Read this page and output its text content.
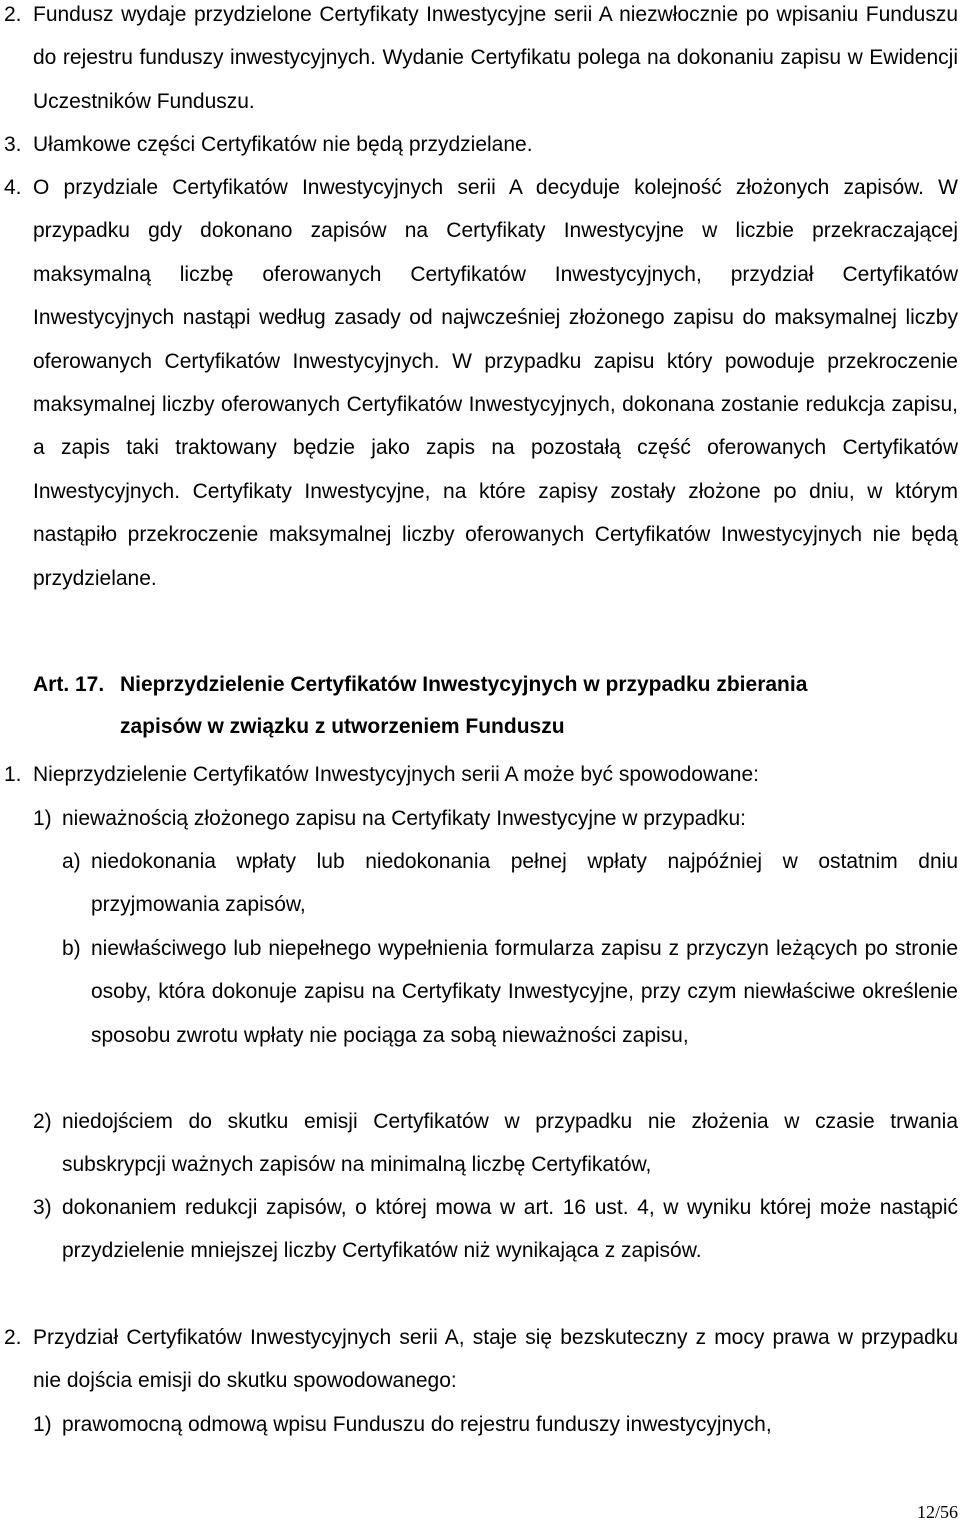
2. Fundusz wydaje przydzielone Certyfikaty Inwestycyjne serii A niezwłocznie po wpisaniu Funduszu do rejestru funduszy inwestycyjnych. Wydanie Certyfikatu polega na dokonaniu zapisu w Ewidencji Uczestników Funduszu.

3. Ułamkowe części Certyfikatów nie będą przydzielane.

4. O przydziale Certyfikatów Inwestycyjnych serii A decyduje kolejność złożonych zapisów. W przypadku gdy dokonano zapisów na Certyfikaty Inwestycyjne w liczbie przekraczającej maksymalną liczbę oferowanych Certyfikatów Inwestycyjnych, przydział Certyfikatów Inwestycyjnych nastąpi według zasady od najwcześniej złożonego zapisu do maksymalnej liczby oferowanych Certyfikatów Inwestycyjnych. W przypadku zapisu który powoduje przekroczenie maksymalnej liczby oferowanych Certyfikatów Inwestycyjnych, dokonana zostanie redukcja zapisu, a zapis taki traktowany będzie jako zapis na pozostałą część oferowanych Certyfikatów Inwestycyjnych. Certyfikaty Inwestycyjne, na które zapisy zostały złożone po dniu, w którym nastąpiło przekroczenie maksymalnej liczby oferowanych Certyfikatów Inwestycyjnych nie będą przydzielane.

Art. 17. Nieprzydzielenie Certyfikatów Inwestycyjnych w przypadku zbierania
zapisów w związku z utworzeniem Funduszu
1. Nieprzydzielenie Certyfikatów Inwestycyjnych serii A może być spowodowane:

1) nieważnością złożonego zapisu na Certyfikaty Inwestycyjne w przypadku:

a) niedokonania wpłaty lub niedokonania pełnej wpłaty najpóźniej w ostatnim dniu przyjmowania zapisów,

b) niewłaściwego lub niepełnego wypełnienia formularza zapisu z przyczyn leżących po stronie osoby, która dokonuje zapisu na Certyfikaty Inwestycyjne, przy czym niewłaściwe określenie sposobu zwrotu wpłaty nie pociąga za sobą nieważności zapisu,

2) niedojściem do skutku emisji Certyfikatów w przypadku nie złożenia w czasie trwania subskrypcji ważnych zapisów na minimalną liczbę Certyfikatów,

3) dokonaniem redukcji zapisów, o której mowa w art. 16 ust. 4, w wyniku której może nastąpić przydzielenie mniejszej liczby Certyfikatów niż wynikająca z zapisów.

2. Przydział Certyfikatów Inwestycyjnych serii A, staje się bezskuteczny z mocy prawa w przypadku nie dojścia emisji do skutku spowodowanego:

1) prawomocną odmową wpisu Funduszu do rejestru funduszy inwestycyjnych,

12/56
